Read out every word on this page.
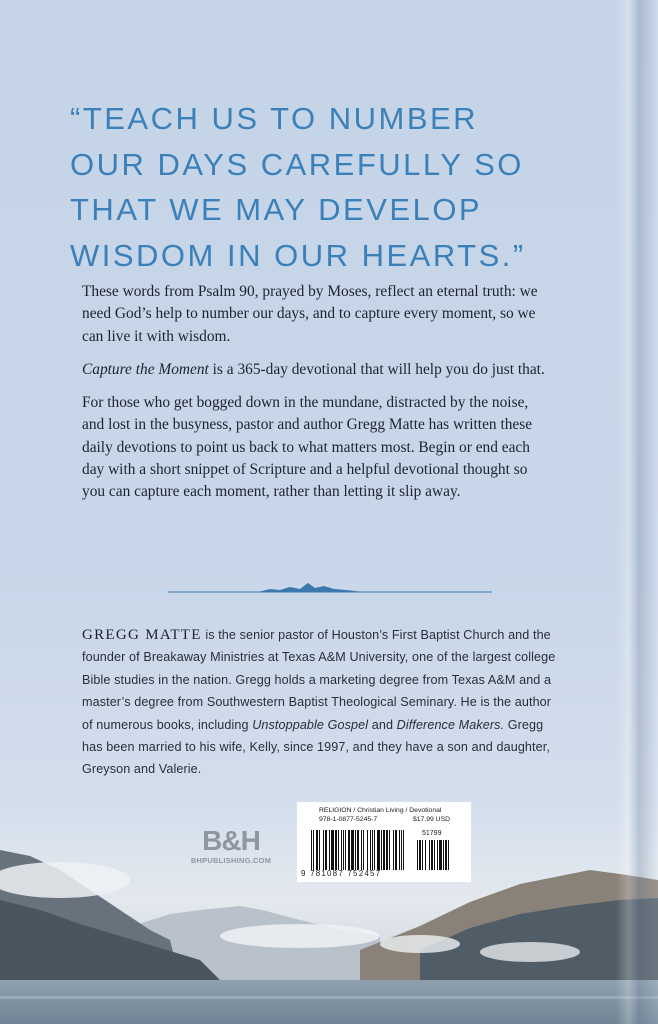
“TEACH US TO NUMBER
OUR DAYS CAREFULLY SO
THAT WE MAY DEVELOP
WISDOM IN OUR HEARTS.”

These words from Psalm 90, prayed by Moses, reflect an eternal truth: we need God’s help to number our days, and to capture every moment, so we can live it with wisdom.

Capture the Moment is a 365-day devotional that will help you do just that.

For those who get bogged down in the mundane, distracted by the noise, and lost in the busyness, pastor and author Gregg Matte has written these daily devotions to point us back to what matters most. Begin or end each day with a short snippet of Scripture and a helpful devotional thought so you can capture each moment, rather than letting it slip away.

GREGG MATTE is the senior pastor of Houston’s First Baptist Church and the founder of Breakaway Ministries at Texas A&M University, one of the largest college Bible studies in the nation. Gregg holds a marketing degree from Texas A&M and a master’s degree from Southwestern Baptist Theological Seminary. He is the author of numerous books, including Unstoppable Gospel and Difference Makers. Gregg has been married to his wife, Kelly, since 1997, and they have a son and daughter, Greyson and Valerie.
B&H
BHPUBLISHING.COM
RELIGION / Christian Living / Devotional
978-1-0877-5245-7	$17.99 USD
51799
9 781087 752457
